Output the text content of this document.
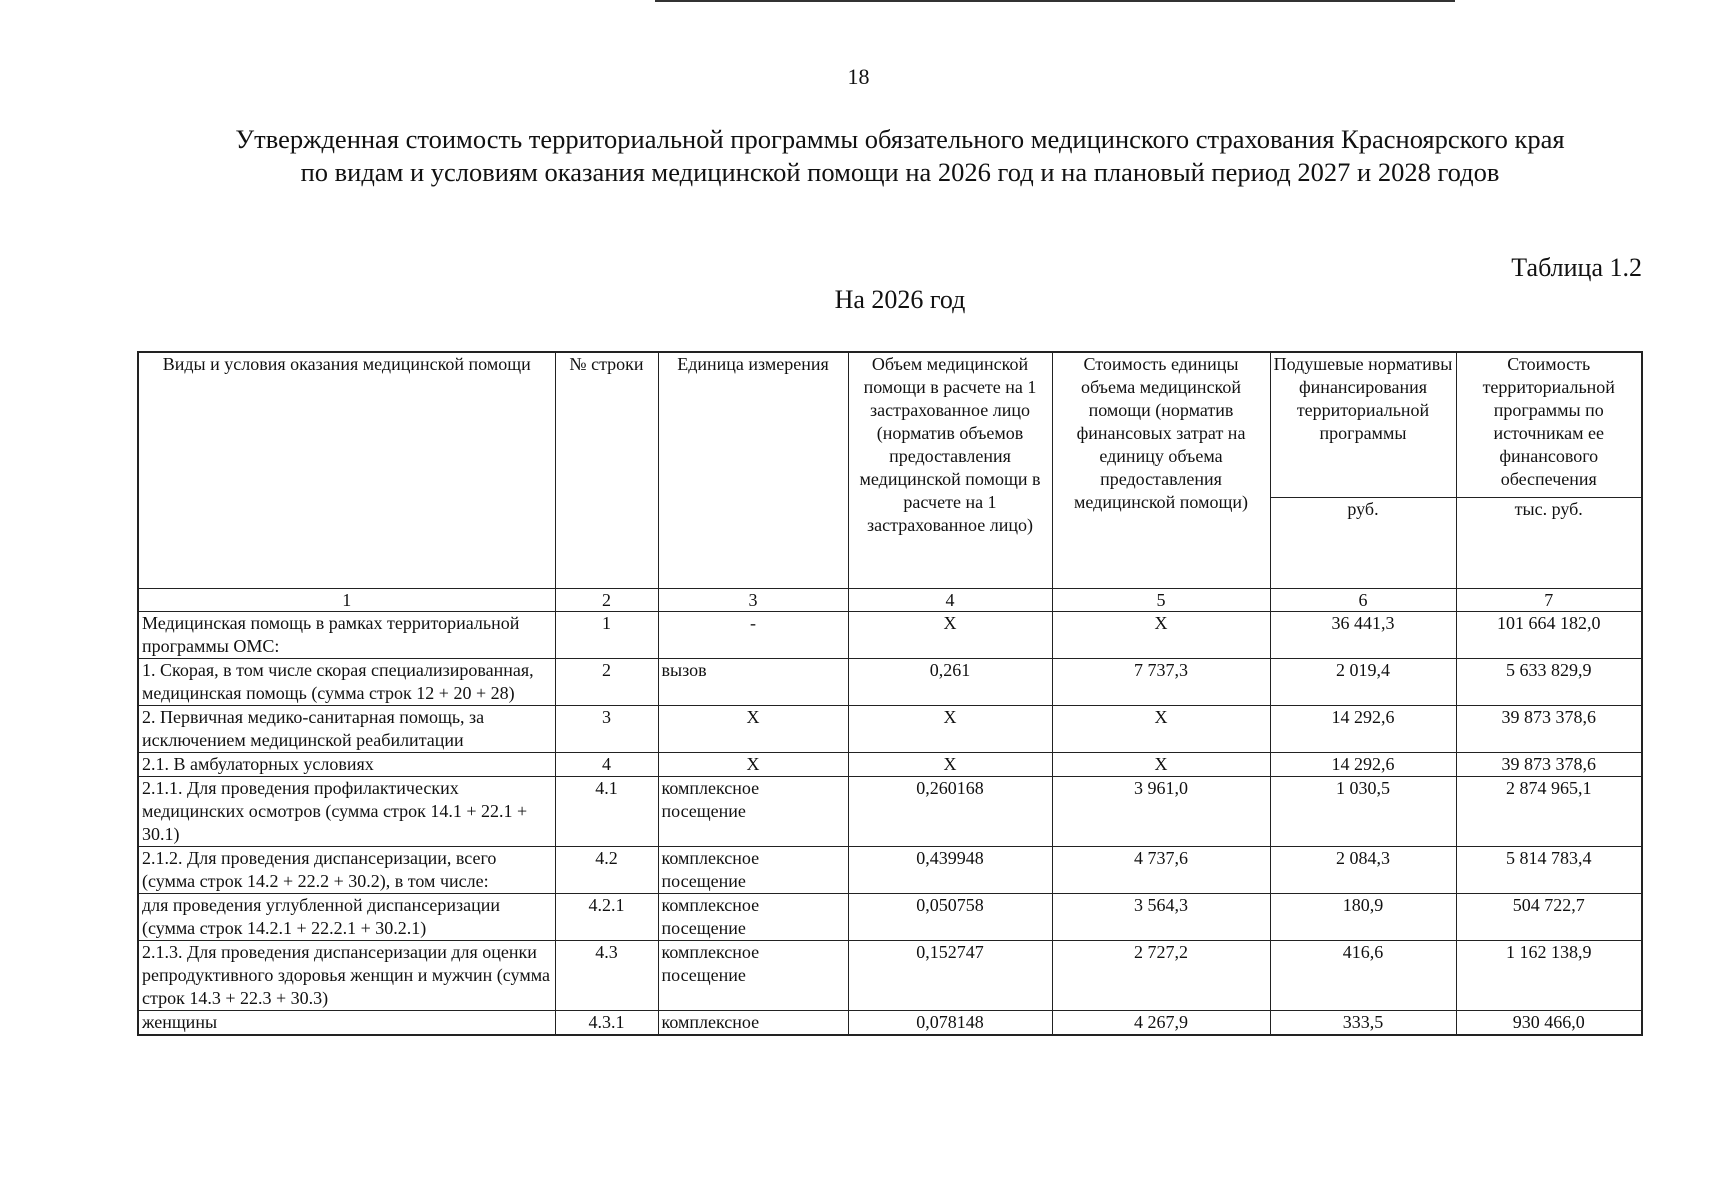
18
Утвержденная стоимость территориальной программы обязательного медицинского страхования Красноярского края
по видам и условиям оказания медицинской помощи на 2026 год и на плановый период 2027 и 2028 годов
Таблица 1.2
На 2026 год
Виды и условия оказания медицинской помощи	№ строки	Единица измерения	Объем медицинской помощи в расчете на 1 застрахованное лицо (норматив объемов предоставления медицинской помощи в расчете на 1 застрахованное лицо)	Стоимость единицы объема медицинской помощи (норматив финансовых затрат на единицу объема предоставления медицинской помощи)	Подушевые нормативы финансирования территориальной программы	Стоимость территориальной программы по источникам ее финансового обеспечения
					руб.	тыс. руб.
1	2	3	4	5	6	7
Медицинская помощь в рамках территориальной программы ОМС:	1	-	Х	Х	36 441,3	101 664 182,0
1. Скорая, в том числе скорая специализированная, медицинская помощь (сумма строк 12 + 20 + 28)	2	вызов	0,261	7 737,3	2 019,4	5 633 829,9
2. Первичная медико-санитарная помощь, за исключением медицинской реабилитации	3	Х	Х	Х	14 292,6	39 873 378,6
2.1. В амбулаторных условиях	4	Х	Х	Х	14 292,6	39 873 378,6
2.1.1. Для проведения профилактических медицинских осмотров (сумма строк 14.1 + 22.1 + 30.1)	4.1	комплексное посещение	0,260168	3 961,0	1 030,5	2 874 965,1
2.1.2. Для проведения диспансеризации, всего (сумма строк 14.2 + 22.2 + 30.2), в том числе:	4.2	комплексное посещение	0,439948	4 737,6	2 084,3	5 814 783,4
для проведения углубленной диспансеризации (сумма строк 14.2.1 + 22.2.1 + 30.2.1)	4.2.1	комплексное посещение	0,050758	3 564,3	180,9	504 722,7
2.1.3. Для проведения диспансеризации для оценки репродуктивного здоровья женщин и мужчин (сумма строк 14.3 + 22.3 + 30.3)	4.3	комплексное посещение	0,152747	2 727,2	416,6	1 162 138,9
женщины	4.3.1	комплексное	0,078148	4 267,9	333,5	930 466,0
